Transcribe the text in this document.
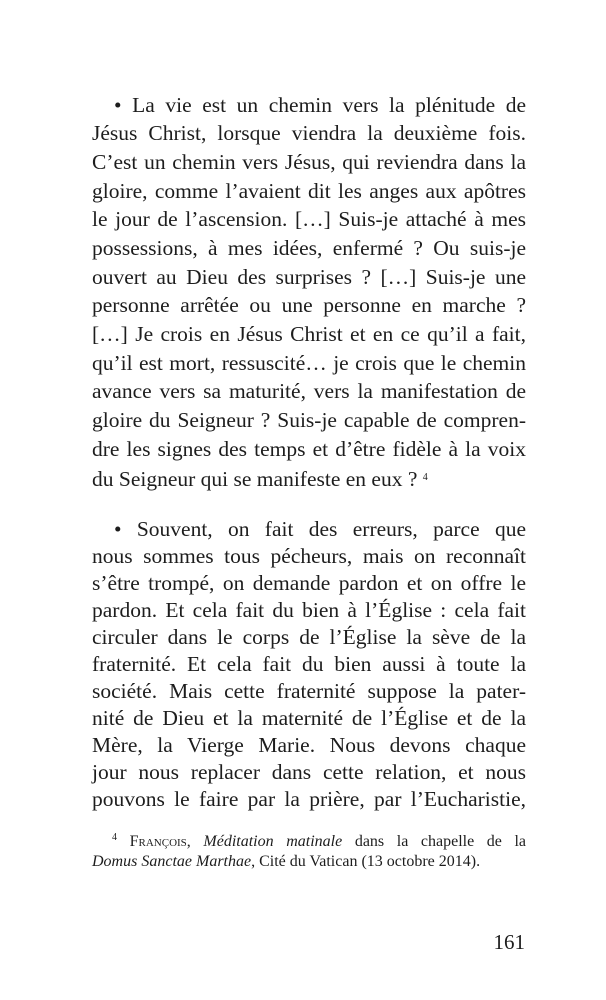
• La vie est un chemin vers la plénitude de
Jésus Christ, lorsque viendra la deuxième fois.
C’est un chemin vers Jésus, qui reviendra dans la
gloire, comme l’avaient dit les anges aux apôtres
le jour de l’ascension. […] Suis-je attaché à mes
possessions, à mes idées, enfermé ? Ou suis-je
ouvert au Dieu des surprises ? […] Suis-je une
personne arrêtée ou une personne en marche ?
[…] Je crois en Jésus Christ et en ce qu’il a fait,
qu’il est mort, ressuscité… je crois que le chemin
avance vers sa maturité, vers la manifestation de
gloire du Seigneur ? Suis-je capable de compren-
dre les signes des temps et d’être fidèle à la voix
du Seigneur qui se manifeste en eux ? $^4$
• Souvent, on fait des erreurs, parce que
nous sommes tous pécheurs, mais on reconnaît
s’être trompé, on demande pardon et on offre le
pardon. Et cela fait du bien à l’Église : cela fait
circuler dans le corps de l’Église la sève de la
fraternité. Et cela fait du bien aussi à toute la
société. Mais cette fraternité suppose la pater-
nité de Dieu et la maternité de l’Église et de la
Mère, la Vierge Marie. Nous devons chaque
jour nous replacer dans cette relation, et nous
pouvons le faire par la prière, par l’Eucharistie,
$^4$ François, Méditation matinale dans la chapelle de la
Domus Sanctae Marthae, Cité du Vatican (13 octobre 2014).
161
